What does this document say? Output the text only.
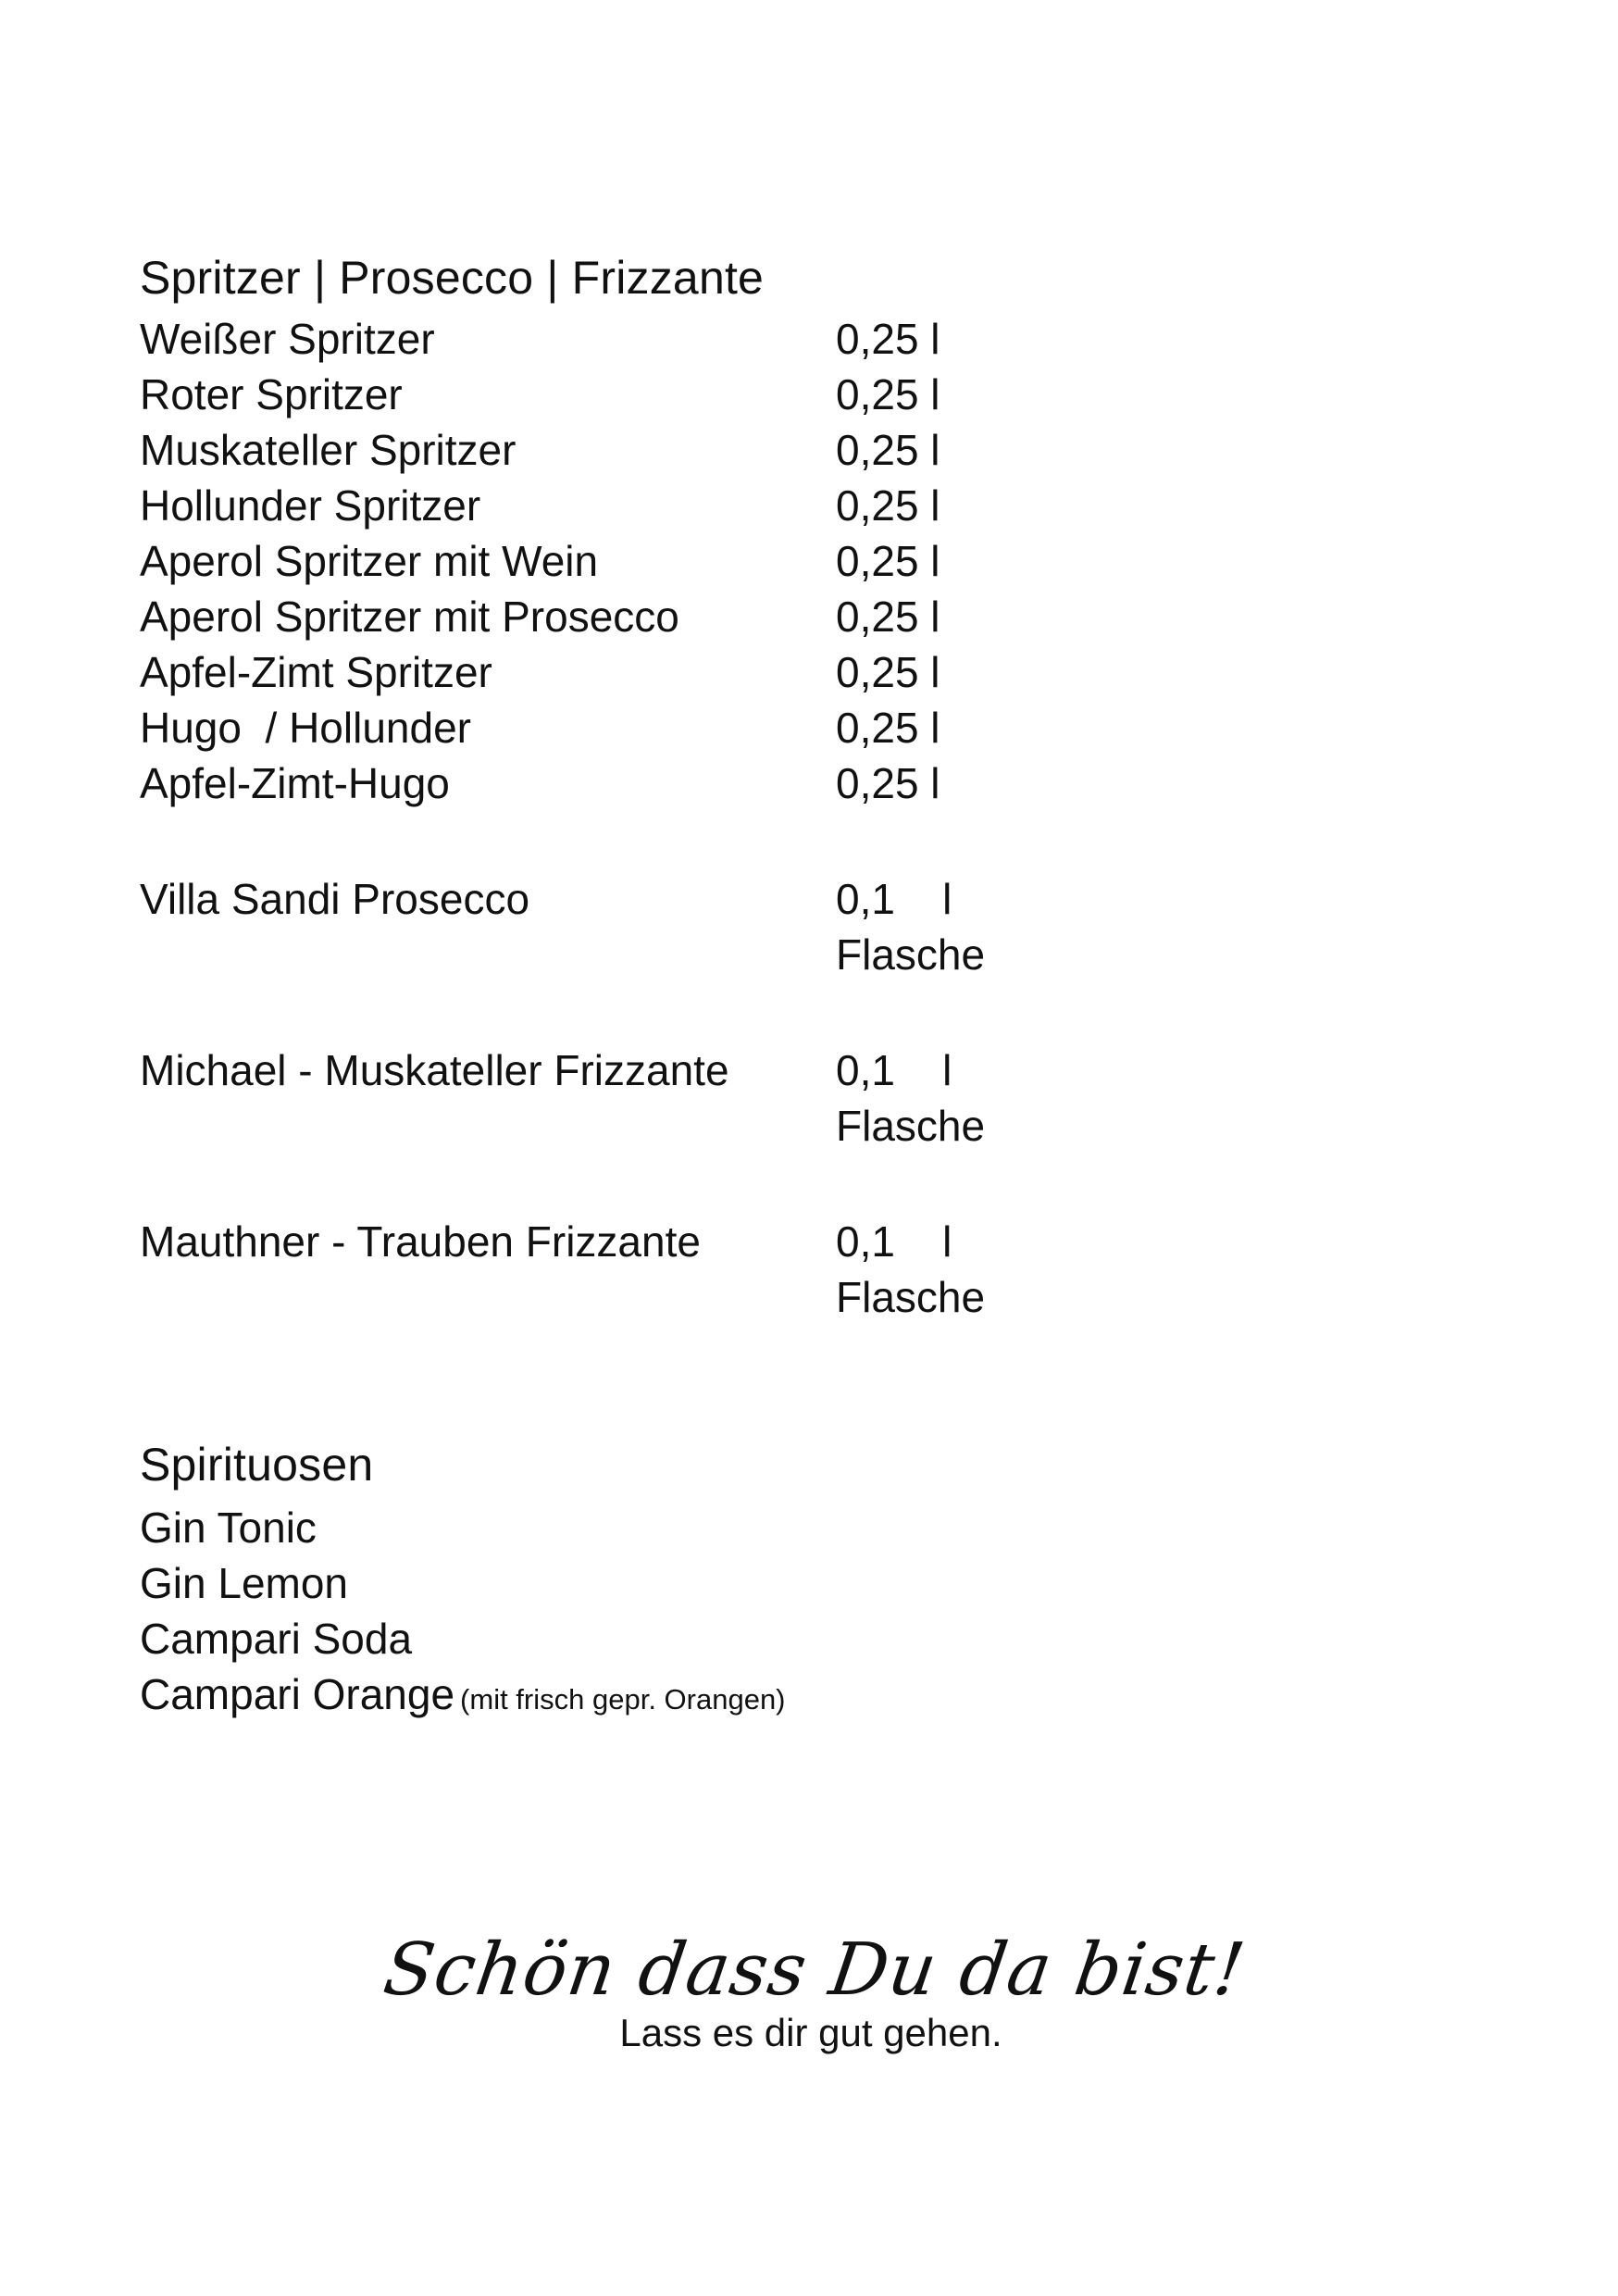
Spritzer | Prosecco | Frizzante
Weißer Spritzer	0,25 l
Roter Spritzer	0,25 l
Muskateller Spritzer	0,25 l
Hollunder Spritzer	0,25 l
Aperol Spritzer mit Wein	0,25 l
Aperol Spritzer mit Prosecco	0,25 l
Apfel-Zimt Spritzer	0,25 l
Hugo  / Hollunder	0,25 l
Apfel-Zimt-Hugo	0,25 l
Villa Sandi Prosecco	0,1    l
Flasche
Michael - Muskateller Frizzante	0,1    l
Flasche
Mauthner - Trauben Frizzante	0,1    l
Flasche
Spirituosen
Gin Tonic
Gin Lemon
Campari Soda
Campari Orange (mit frisch gepr. Orangen)
Schön dass Du da bist!
Lass es dir gut gehen.
